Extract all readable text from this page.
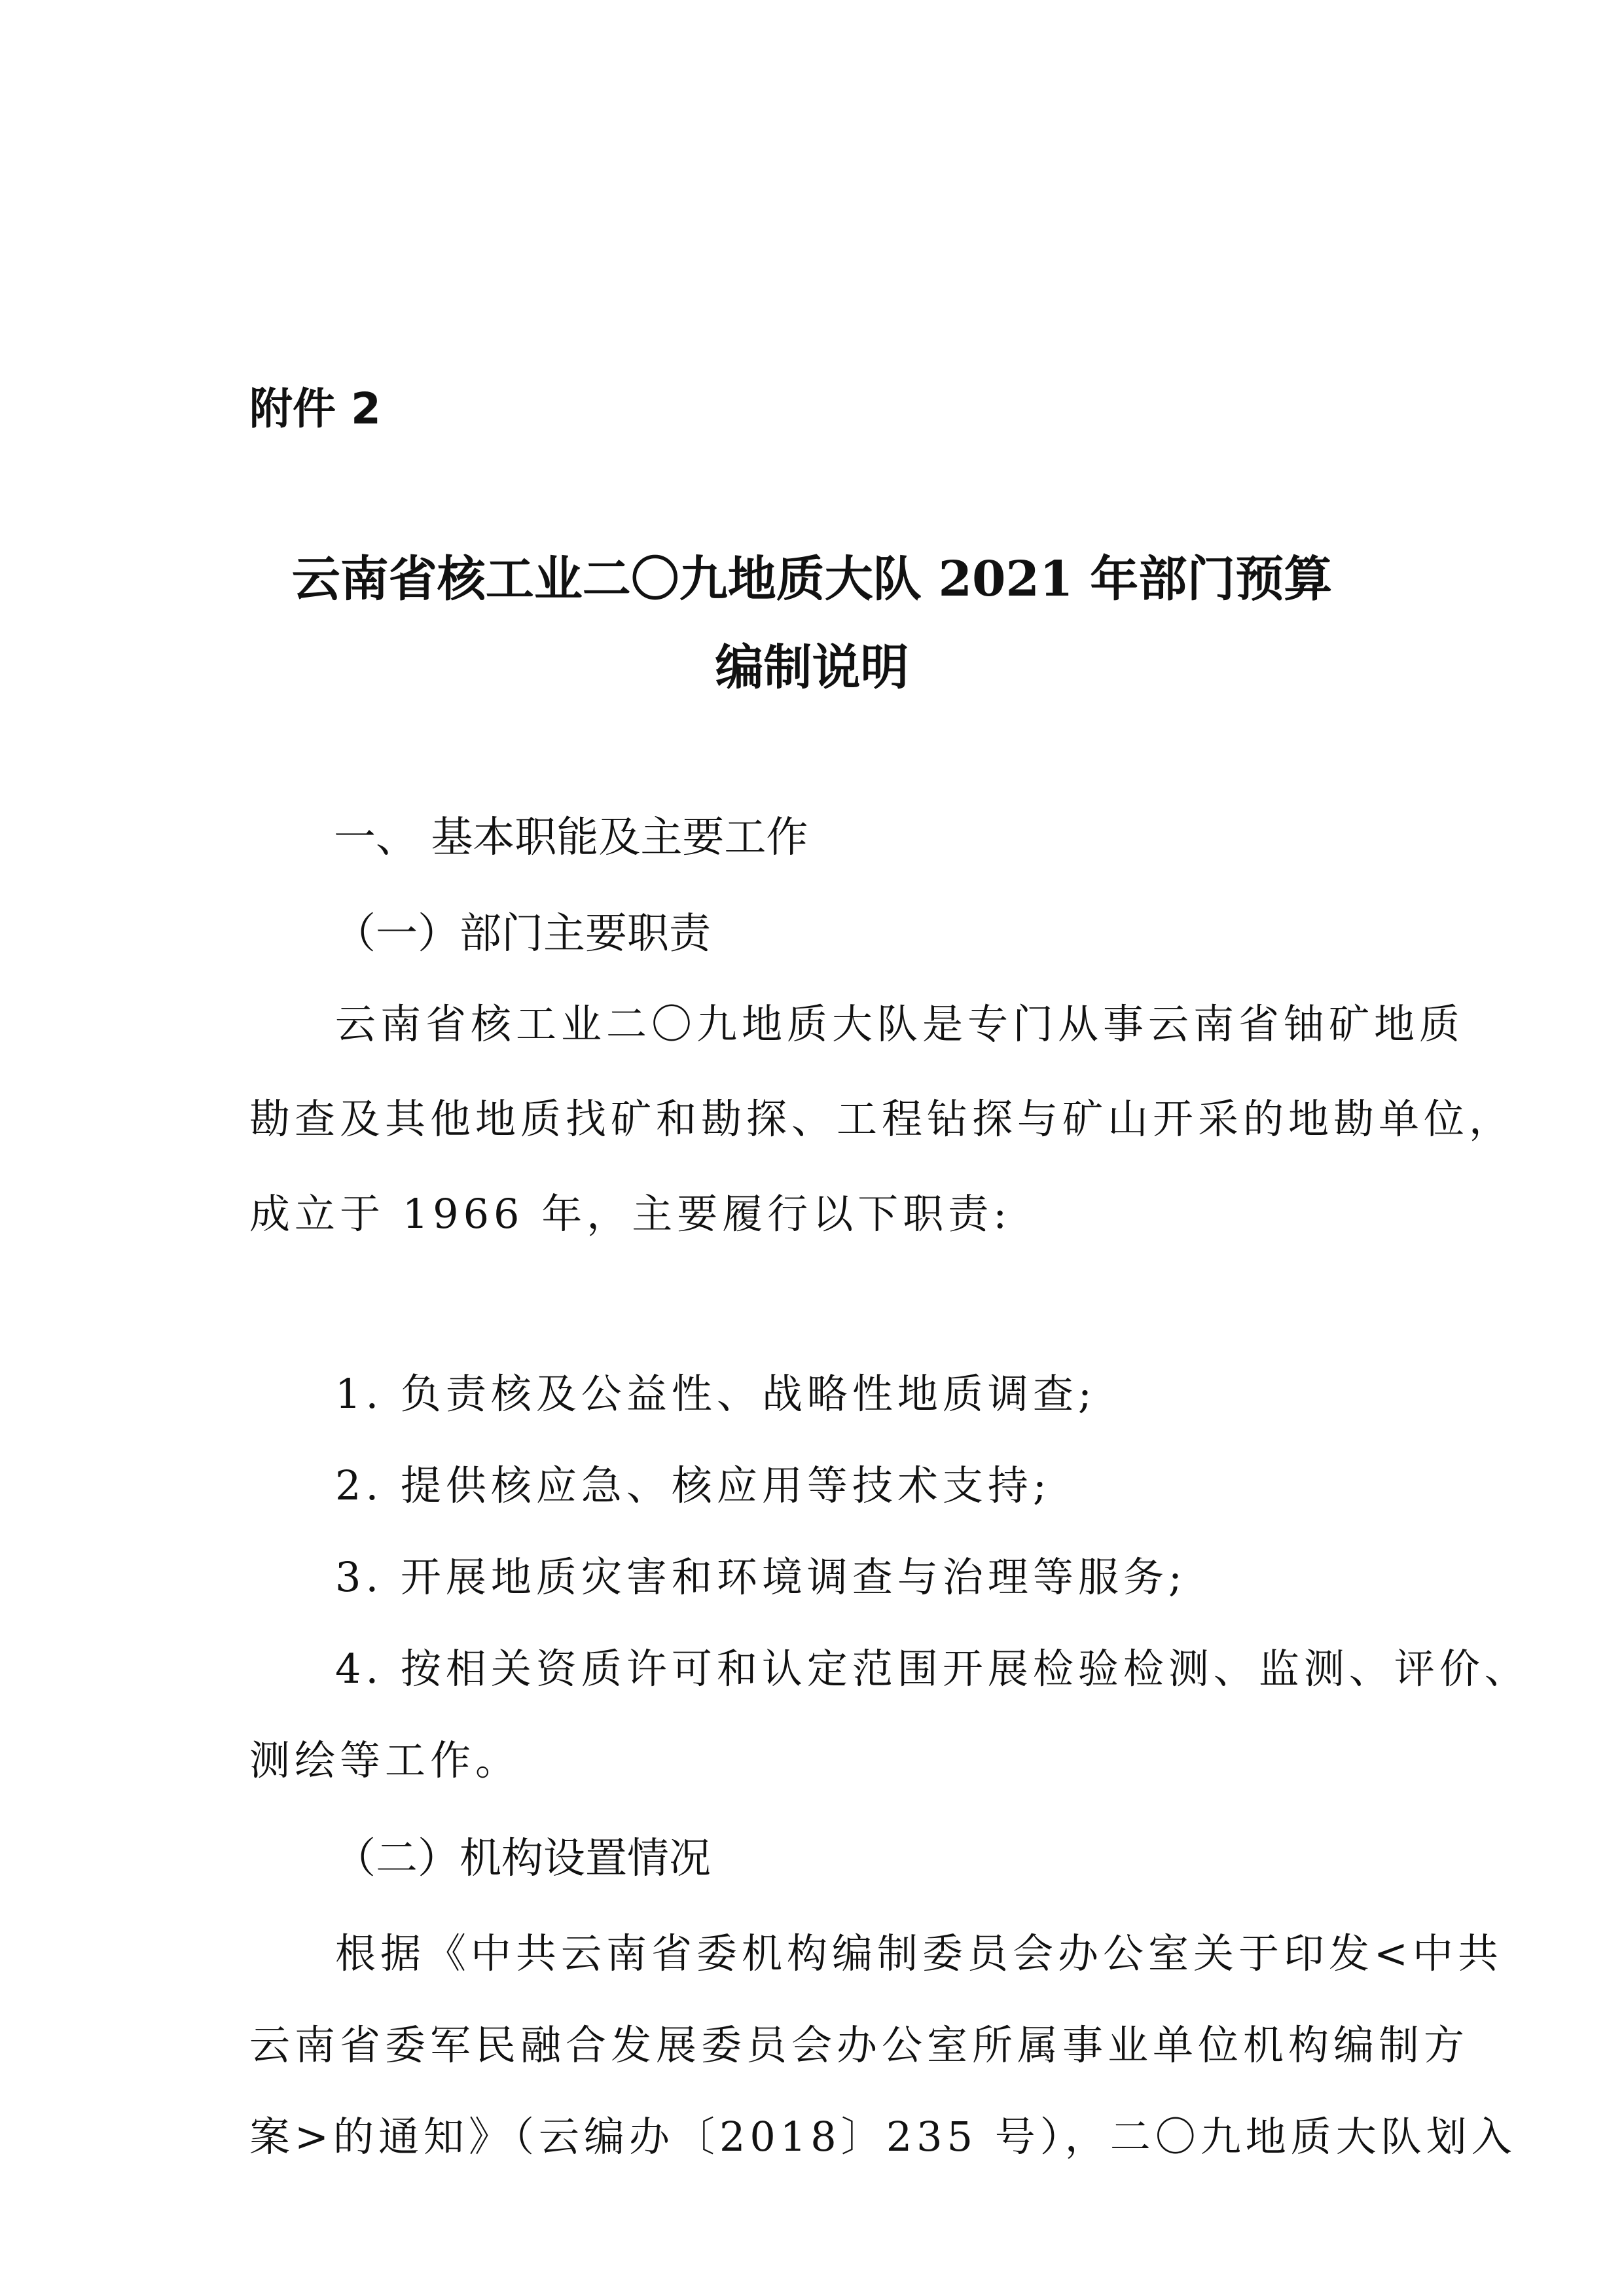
附件 2
云南省核工业二〇九地质大队 2021 年部门预算
编制说明
一、 基本职能及主要工作
（一）部门主要职责
云南省核工业二〇九地质大队是专门从事云南省铀矿地质
勘查及其他地质找矿和勘探、工程钻探与矿山开采的地勘单位，
成立于 1966 年，主要履行以下职责:
1. 负责核及公益性、战略性地质调查;
2. 提供核应急、核应用等技术支持;
3. 开展地质灾害和环境调查与治理等服务;
4. 按相关资质许可和认定范围开展检验检测、监测、评价、
测绘等工作。
（二）机构设置情况
根据《中共云南省委机构编制委员会办公室关于印发<中共
云南省委军民融合发展委员会办公室所属事业单位机构编制方
案>的通知》（云编办〔2018〕235 号），二〇九地质大队划入
